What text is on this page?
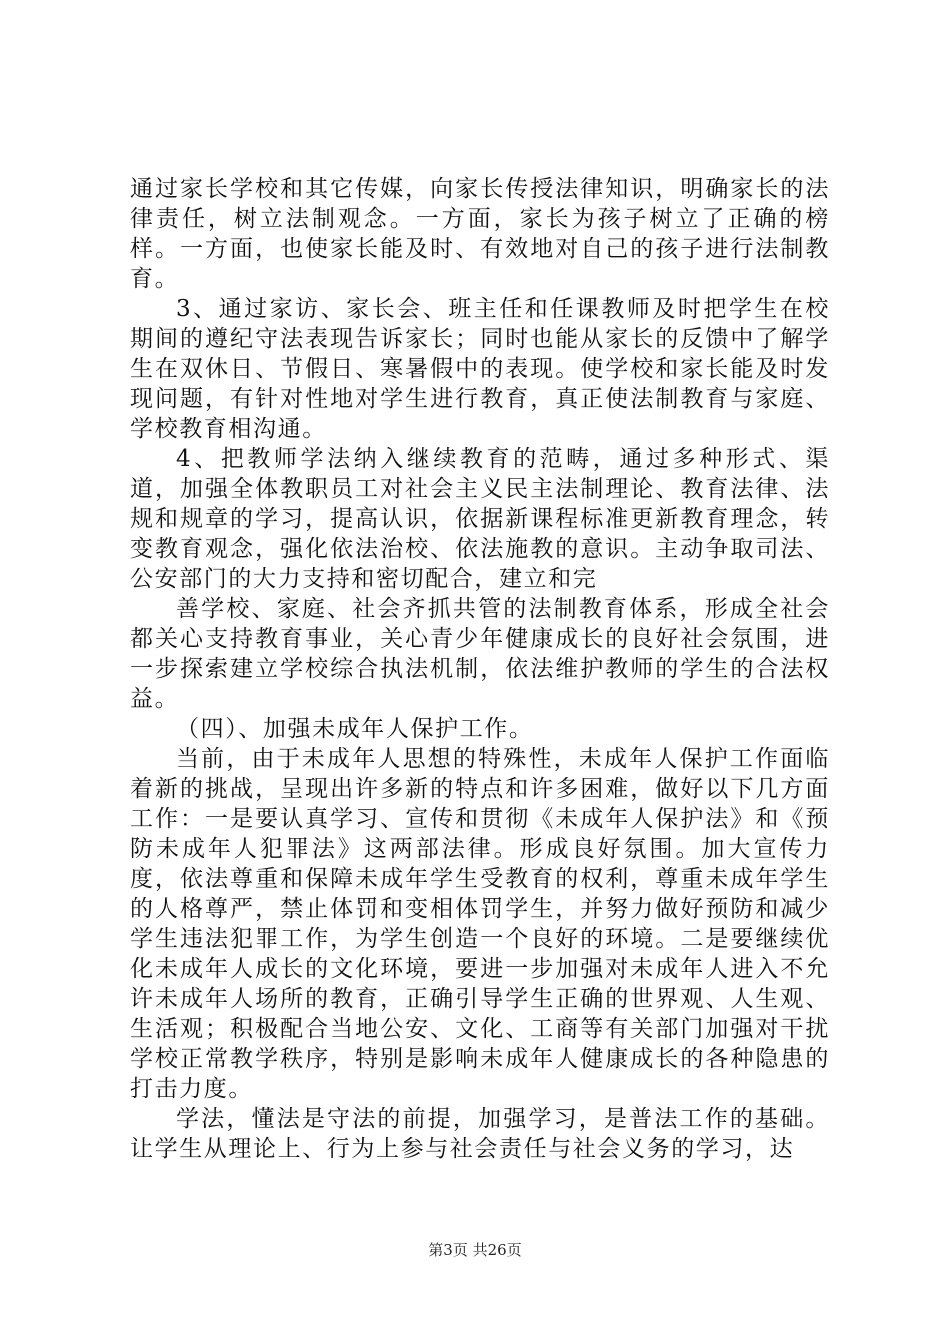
通过家长学校和其它传媒，向家长传授法律知识，明确家长的法律责任，树立法制观念。一方面，家长为孩子树立了正确的榜样。一方面，也使家长能及时、有效地对自己的孩子进行法制教育。

3、通过家访、家长会、班主任和任课教师及时把学生在校期间的遵纪守法表现告诉家长；同时也能从家长的反馈中了解学生在双休日、节假日、寒暑假中的表现。使学校和家长能及时发现问题，有针对性地对学生进行教育，真正使法制教育与家庭、学校教育相沟通。

4、把教师学法纳入继续教育的范畴，通过多种形式、渠道，加强全体教职员工对社会主义民主法制理论、教育法律、法规和规章的学习，提高认识，依据新课程标准更新教育理念，转变教育观念，强化依法治校、依法施教的意识。主动争取司法、公安部门的大力支持和密切配合，建立和完

善学校、家庭、社会齐抓共管的法制教育体系，形成全社会都关心支持教育事业，关心青少年健康成长的良好社会氛围，进一步探索建立学校综合执法机制，依法维护教师的学生的合法权益。

（四）、加强未成年人保护工作。

当前，由于未成年人思想的特殊性，未成年人保护工作面临着新的挑战，呈现出许多新的特点和许多困难，做好以下几方面工作：一是要认真学习、宣传和贯彻《未成年人保护法》和《预防未成年人犯罪法》这两部法律。形成良好氛围。加大宣传力度，依法尊重和保障未成年学生受教育的权利，尊重未成年学生的人格尊严，禁止体罚和变相体罚学生，并努力做好预防和减少学生违法犯罪工作，为学生创造一个良好的环境。二是要继续优化未成年人成长的文化环境，要进一步加强对未成年人进入不允许未成年人场所的教育，正确引导学生正确的世界观、人生观、生活观；积极配合当地公安、文化、工商等有关部门加强对干扰学校正常教学秩序，特别是影响未成年人健康成长的各种隐患的打击力度。

学法，懂法是守法的前提，加强学习，是普法工作的基础。让学生从理论上、行为上参与社会责任与社会义务的学习，达

第3页 共26页
